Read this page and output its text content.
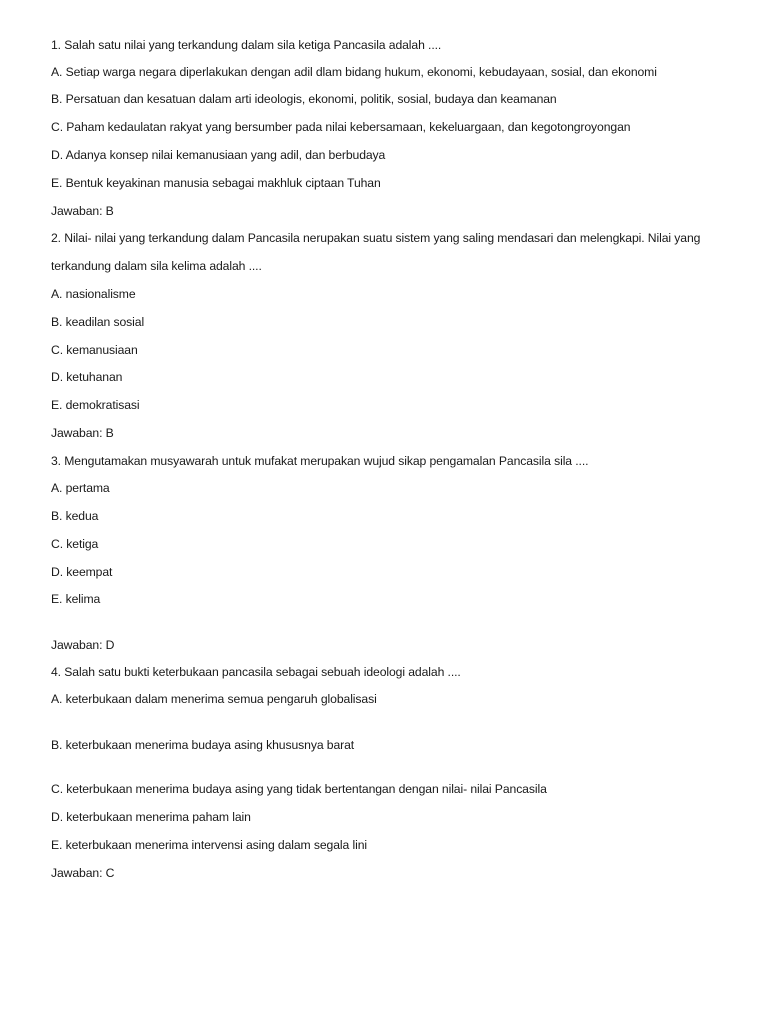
1. Salah satu nilai yang terkandung dalam sila ketiga Pancasila adalah ....
A. Setiap warga negara diperlakukan dengan adil dlam bidang hukum, ekonomi, kebudayaan, sosial, dan ekonomi
B. Persatuan dan kesatuan dalam arti ideologis, ekonomi, politik, sosial, budaya dan keamanan
C. Paham kedaulatan rakyat yang bersumber pada nilai kebersamaan, kekeluargaan, dan kegotongroyongan
D. Adanya konsep nilai kemanusiaan yang adil, dan berbudaya
E. Bentuk keyakinan manusia sebagai makhluk ciptaan Tuhan
Jawaban: B
2. Nilai- nilai yang terkandung dalam Pancasila nerupakan suatu sistem yang saling mendasari dan melengkapi. Nilai yang
terkandung dalam sila kelima adalah ....
A. nasionalisme
B. keadilan sosial
C. kemanusiaan
D. ketuhanan
E. demokratisasi
Jawaban: B
3. Mengutamakan musyawarah untuk mufakat merupakan wujud sikap pengamalan Pancasila sila ....
A. pertama
B. kedua
C. ketiga
D. keempat
E. kelima
Jawaban: D
4. Salah satu bukti keterbukaan pancasila sebagai sebuah ideologi adalah ....
A. keterbukaan dalam menerima semua pengaruh globalisasi
B. keterbukaan menerima budaya asing khususnya barat
C. keterbukaan menerima budaya asing yang tidak bertentangan dengan nilai- nilai Pancasila
D. keterbukaan menerima paham lain
E. keterbukaan menerima intervensi asing dalam segala lini
Jawaban: C
